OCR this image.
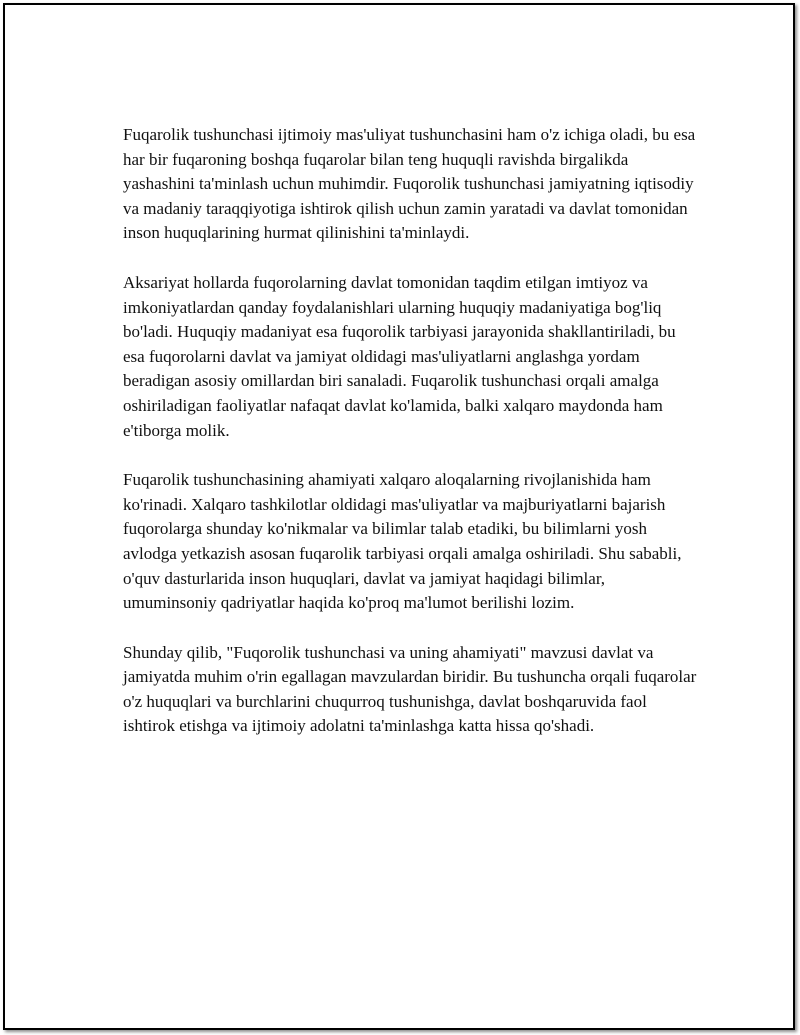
Fuqarolik tushunchasi ijtimoiy mas'uliyat tushunchasini ham o'z ichiga oladi, bu esa har bir fuqaroning boshqa fuqarolar bilan teng huquqli ravishda birgalikda yashashini ta'minlash uchun muhimdir. Fuqorolik tushunchasi jamiyatning iqtisodiy va madaniy taraqqiyotiga ishtirok qilish uchun zamin yaratadi va davlat tomonidan inson huquqlarining hurmat qilinishini ta'minlaydi.

Aksariyat hollarda fuqorolarning davlat tomonidan taqdim etilgan imtiyoz va imkoniyatlardan qanday foydalanishlari ularning huquqiy madaniyatiga bog'liq bo'ladi. Huquqiy madaniyat esa fuqorolik tarbiyasi jarayonida shakllantiriladi, bu esa fuqorolarni davlat va jamiyat oldidagi mas'uliyatlarni anglashga yordam beradigan asosiy omillardan biri sanaladi. Fuqarolik tushunchasi orqali amalga oshiriladigan faoliyatlar nafaqat davlat ko'lamida, balki xalqaro maydonda ham e'tiborga molik.

Fuqarolik tushunchasining ahamiyati xalqaro aloqalarning rivojlanishida ham ko'rinadi. Xalqaro tashkilotlar oldidagi mas'uliyatlar va majburiyatlarni bajarish fuqorolarga shunday ko'nikmalar va bilimlar talab etadiki, bu bilimlarni yosh avlodga yetkazish asosan fuqarolik tarbiyasi orqali amalga oshiriladi. Shu sababli, o'quv dasturlarida inson huquqlari, davlat va jamiyat haqidagi bilimlar, umuminsoniy qadriyatlar haqida ko'proq ma'lumot berilishi lozim.

Shunday qilib, "Fuqorolik tushunchasi va uning ahamiyati" mavzusi davlat va jamiyatda muhim o'rin egallagan mavzulardan biridir. Bu tushuncha orqali fuqarolar o'z huquqlari va burchlarini chuqurroq tushunishga, davlat boshqaruvida faol ishtirok etishga va ijtimoiy adolatni ta'minlashga katta hissa qo'shadi.
